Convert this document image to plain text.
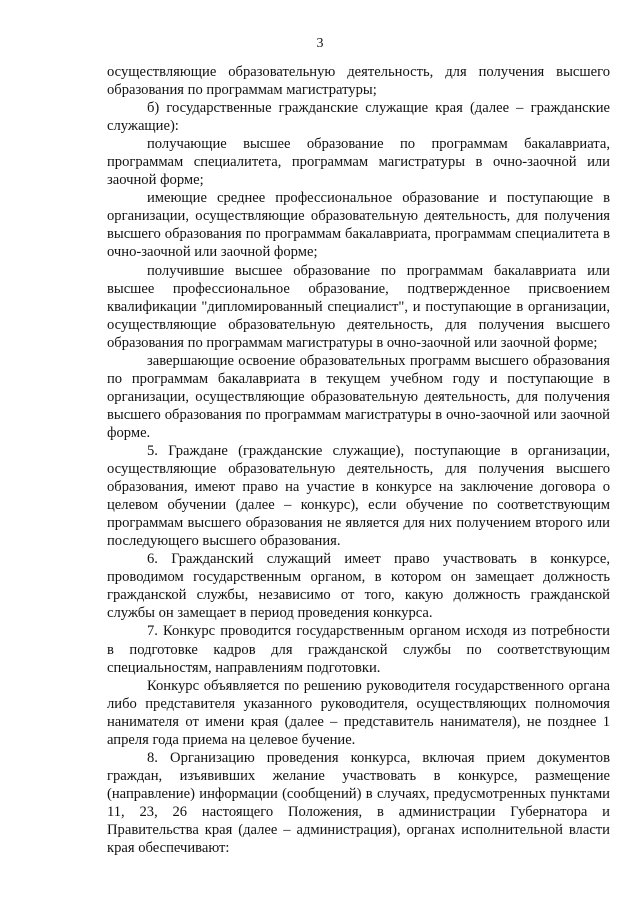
3

осуществляющие образовательную деятельность, для получения высшего образования по программам магистратуры;

б) государственные гражданские служащие края (далее – гражданские служащие):

получающие высшее образование по программам бакалавриата, программам специалитета, программам магистратуры в очно-заочной или заочной форме;

имеющие среднее профессиональное образование и поступающие в организации, осуществляющие образовательную деятельность, для получения высшего образования по программам бакалавриата, программам специалитета в очно-заочной или заочной форме;

получившие высшее образование по программам бакалавриата или высшее профессиональное образование, подтвержденное присвоением квалификации "дипломированный специалист", и поступающие в организации, осуществляющие образовательную деятельность, для получения высшего образования по программам магистратуры в очно-заочной или заочной форме;

завершающие освоение образовательных программ высшего образования по программам бакалавриата в текущем учебном году и поступающие в организации, осуществляющие образовательную деятельность, для получения высшего образования по программам магистратуры в очно-заочной или заочной форме.

5. Граждане (гражданские служащие), поступающие в организации, осуществляющие образовательную деятельность, для получения высшего образования, имеют право на участие в конкурсе на заключение договора о целевом обучении (далее – конкурс), если обучение по соответствующим программам высшего образования не является для них получением второго или последующего высшего образования.

6. Гражданский служащий имеет право участвовать в конкурсе, проводимом государственным органом, в котором он замещает должность гражданской службы, независимо от того, какую должность гражданской службы он замещает в период проведения конкурса.

7. Конкурс проводится государственным органом исходя из потребности в подготовке кадров для гражданской службы по соответствующим специальностям, направлениям подготовки.

Конкурс объявляется по решению руководителя государственного органа либо представителя указанного руководителя, осуществляющих полномочия нанимателя от имени края (далее – представитель нанимателя), не позднее 1 апреля года приема на целевое бучение.

8. Организацию проведения конкурса, включая прием документов граждан, изъявивших желание участвовать в конкурсе, размещение (направление) информации (сообщений) в случаях, предусмотренных пунктами 11, 23, 26 настоящего Положения, в администрации Губернатора и Правительства края (далее – администрация), органах исполнительной власти края обеспечивают:
